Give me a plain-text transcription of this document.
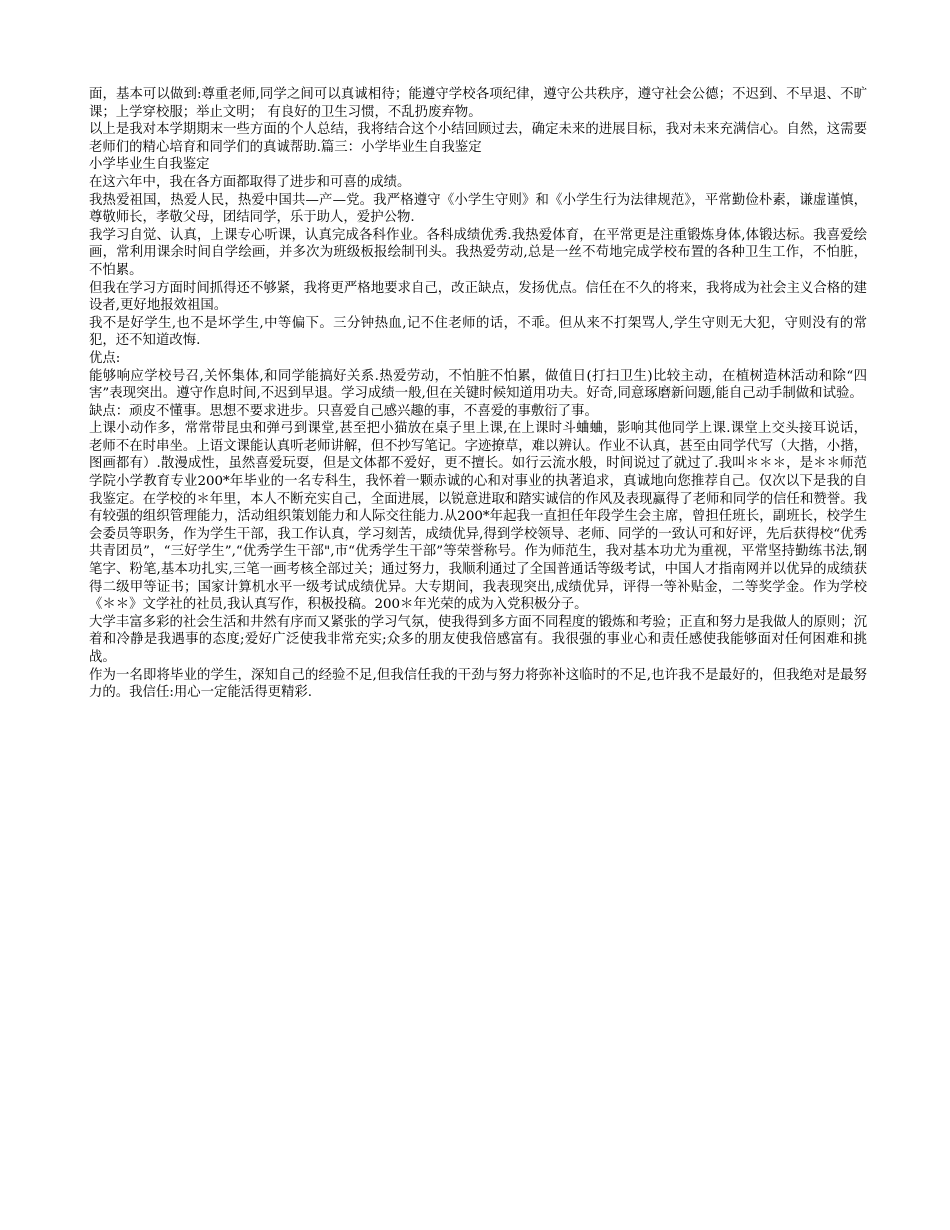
面，基本可以做到:尊重老师,同学之间可以真诚相待；能遵守学校各项纪律，遵守公共秩序，遵守社会公德；不迟到、不早退、不旷课；上学穿校服；举止文明； 有良好的卫生习惯，不乱扔废弃物。

以上是我对本学期期末一些方面的个人总结，我将结合这个小结回顾过去，确定未来的进展目标，我对未来充满信心。自然，这需要老师们的精心培育和同学们的真诚帮助.篇三：小学毕业生自我鉴定

小学毕业生自我鉴定

在这六年中，我在各方面都取得了进步和可喜的成绩。

我热爱祖国，热爱人民，热爱中国共—产—党。我严格遵守《小学生守则》和《小学生行为法律规范》，平常勤俭朴素，谦虚谨慎，尊敬师长，孝敬父母，团结同学，乐于助人，爱护公物.

我学习自觉、认真，上课专心听课，认真完成各科作业。各科成绩优秀.我热爱体育，在平常更是注重锻炼身体,体锻达标。我喜爱绘画，常利用课余时间自学绘画，并多次为班级板报绘制刊头。我热爱劳动,总是一丝不苟地完成学校布置的各种卫生工作，不怕脏，不怕累。

但我在学习方面时间抓得还不够紧，我将更严格地要求自己，改正缺点，发扬优点。信任在不久的将来，我将成为社会主义合格的建设者,更好地报效祖国。

我不是好学生,也不是坏学生,中等偏下。三分钟热血,记不住老师的话，不乖。但从来不打架骂人,学生守则无大犯，守则没有的常犯，还不知道改悔.

优点:

能够响应学校号召,关怀集体,和同学能搞好关系.热爱劳动，不怕脏不怕累，做值日(打扫卫生)比较主动，在植树造林活动和除“四害”表现突出。遵守作息时间,不迟到早退。学习成绩一般,但在关键时候知道用功夫。好奇,同意琢磨新问题,能自己动手制做和试验。

缺点：顽皮不懂事。思想不要求进步。只喜爱自己感兴趣的事，不喜爱的事敷衍了事。

上课小动作多，常常带昆虫和弹弓到课堂,甚至把小猫放在桌子里上课,在上课时斗蛐蛐，影响其他同学上课.课堂上交头接耳说话， 老师不在时串坐。上语文课能认真听老师讲解，但不抄写笔记。字迹撩草，难以辨认。作业不认真，甚至由同学代写（大揩，小揩，图画都有）.散漫成性，虽然喜爱玩耍，但是文体都不爱好，更不擅长。如行云流水般，时间说过了就过了.我叫＊＊＊，是＊＊师范学院小学教育专业200*年毕业的一名专科生，我怀着一颗赤诚的心和对事业的执著追求，真诚地向您推荐自己。仅次以下是我的自我鉴定。在学校的＊年里，本人不断充实自己，全面进展，以锐意进取和踏实诚信的作风及表现赢得了老师和同学的信任和赞誉。我有较强的组织管理能力，活动组织策划能力和人际交往能力.从200*年起我一直担任年段学生会主席，曾担任班长，副班长，校学生会委员等职务，作为学生干部，我工作认真，学习刻苦，成绩优异,得到学校领导、老师、同学的一致认可和好评，先后获得校“优秀共青团员”，“三好学生”,“优秀学生干部",市“优秀学生干部”等荣誉称号。作为师范生，我对基本功尤为重视，平常坚持勤练书法,钢笔字、粉笔,基本功扎实,三笔一画考核全部过关；通过努力，我顺利通过了全国普通话等级考试，中国人才指南网并以优异的成绩获得二级甲等证书；国家计算机水平一级考试成绩优异。大专期间，我表现突出,成绩优异，评得一等补贴金，二等奖学金。作为学校《＊＊》文学社的社员,我认真写作，积极投稿。200＊年光荣的成为入党积极分子。

大学丰富多彩的社会生活和井然有序而又紧张的学习气氛，使我得到多方面不同程度的锻炼和考验；正直和努力是我做人的原则；沉着和冷静是我遇事的态度;爱好广泛使我非常充实;众多的朋友使我倍感富有。我很强的事业心和责任感使我能够面对任何困难和挑战。

作为一名即将毕业的学生，深知自己的经验不足,但我信任我的干劲与努力将弥补这临时的不足,也许我不是最好的，但我绝对是最努力的。我信任:用心一定能活得更精彩.
